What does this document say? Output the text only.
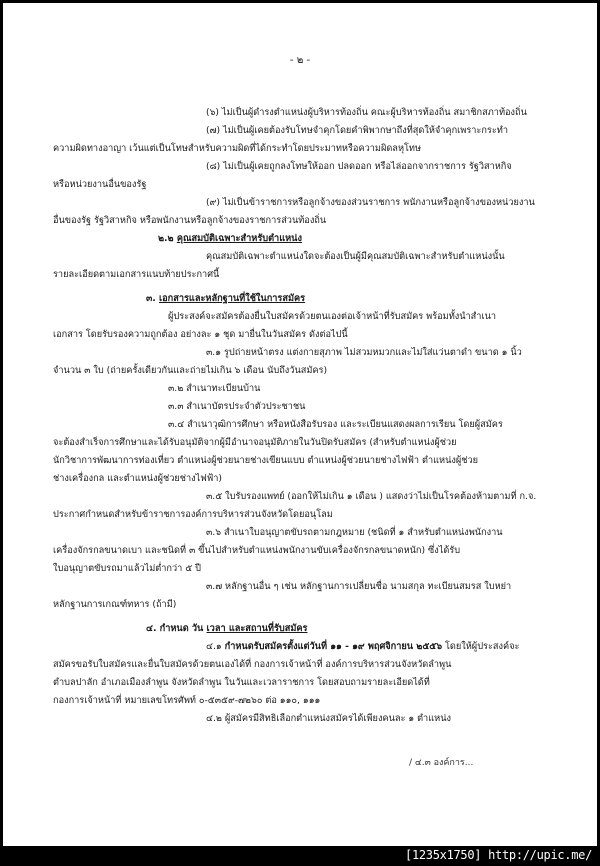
- ๒ -
(๖) ไม่เป็นผู้ดำรงตำแหน่งผู้บริหารท้องถิ่น คณะผู้บริหารท้องถิ่น สมาชิกสภาท้องถิ่น
(๗) ไม่เป็นผู้เคยต้องรับโทษจำคุกโดยคำพิพากษาถึงที่สุดให้จำคุกเพราะกระทำ
ความผิดทางอาญา เว้นแต่เป็นโทษสำหรับความผิดที่ได้กระทำโดยประมาทหรือความผิดลหุโทษ
(๘) ไม่เป็นผู้เคยถูกลงโทษให้ออก ปลดออก หรือไล่ออกจากราชการ รัฐวิสาหกิจ
หรือหน่วยงานอื่นของรัฐ
(๙) ไม่เป็นข้าราชการหรือลูกจ้างของส่วนราชการ พนักงานหรือลูกจ้างของหน่วยงาน
อื่นของรัฐ รัฐวิสาหกิจ หรือพนักงานหรือลูกจ้างของราชการส่วนท้องถิ่น
๒.๒ คุณสมบัติเฉพาะสำหรับตำแหน่ง
คุณสมบัติเฉพาะตำแหน่งใดจะต้องเป็นผู้มีคุณสมบัติเฉพาะสำหรับตำแหน่งนั้น
รายละเอียดตามเอกสารแนบท้ายประกาศนี้
๓. เอกสารและหลักฐานที่ใช้ในการสมัคร
ผู้ประสงค์จะสมัครต้องยื่นใบสมัครด้วยตนเองต่อเจ้าหน้าที่รับสมัคร พร้อมทั้งนำสำเนา
เอกสาร โดยรับรองความถูกต้อง อย่างละ ๑ ชุด มายื่นในวันสมัคร ดังต่อไปนี้
๓.๑ รูปถ่ายหน้าตรง แต่งกายสุภาพ ไม่สวมหมวกและไม่ใส่แว่นตาดำ ขนาด ๑ นิ้ว
จำนวน ๓ ใบ (ถ่ายครั้งเดียวกันและถ่ายไม่เกิน ๖ เดือน นับถึงวันสมัคร)
๓.๒ สำเนาทะเบียนบ้าน
๓.๓ สำเนาบัตรประจำตัวประชาชน
๓.๔ สำเนาวุฒิการศึกษา หรือหนังสือรับรอง และระเบียนแสดงผลการเรียน โดยผู้สมัคร
จะต้องสำเร็จการศึกษาและได้รับอนุมัติจากผู้มีอำนาจอนุมัติภายในวันปิดรับสมัคร (สำหรับตำแหน่งผู้ช่วย
นักวิชาการพัฒนาการท่องเที่ยว ตำแหน่งผู้ช่วยนายช่างเขียนแบบ ตำแหน่งผู้ช่วยนายช่างไฟฟ้า ตำแหน่งผู้ช่วย
ช่างเครื่องกล และตำแหน่งผู้ช่วยช่างไฟฟ้า)
๓.๕ ใบรับรองแพทย์ (ออกให้ไม่เกิน ๑ เดือน ) แสดงว่าไม่เป็นโรคต้องห้ามตามที่ ก.จ.
ประกาศกำหนดสำหรับข้าราชการองค์การบริหารส่วนจังหวัดโดยอนุโลม
๓.๖ สำเนาใบอนุญาตขับรถตามกฎหมาย (ชนิดที่ ๑ สำหรับตำแหน่งพนักงาน
เครื่องจักรกลขนาดเบา และชนิดที่ ๓ ขึ้นไปสำหรับตำแหน่งพนักงานขับเครื่องจักรกลขนาดหนัก) ซึ่งได้รับ
ใบอนุญาตขับรถมาแล้วไม่ต่ำกว่า ๕ ปี
๓.๗ หลักฐานอื่น ๆ เช่น หลักฐานการเปลี่ยนชื่อ นามสกุล ทะเบียนสมรส ใบหย่า
หลักฐานการเกณฑ์ทหาร (ถ้ามี)
๔. กำหนด วัน เวลา และสถานที่รับสมัคร
๔.๑ กำหนดรับสมัครตั้งแต่วันที่ ๑๑ - ๑๙ พฤศจิกายน ๒๕๕๖ โดยให้ผู้ประสงค์จะ
สมัครขอรับใบสมัครและยื่นใบสมัครด้วยตนเองได้ที่ กองการเจ้าหน้าที่ องค์การบริหารส่วนจังหวัดลำพูน
ตำบลปาลัก อำเภอเมืองลำพูน จังหวัดลำพูน ในวันและเวลาราชการ โดยสอบถามรายละเอียดได้ที่
กองการเจ้าหน้าที่ หมายเลขโทรศัพท์ ๐-๕๓๕๙-๗๒๖๐ ต่อ ๑๑๐, ๑๑๑
๔.๒ ผู้สมัครมีสิทธิเลือกตำแหน่งสมัครได้เพียงคนละ ๑ ตำแหน่ง
/ ๔.๓ องค์การ...
[1235x1750] http://upic.me/
